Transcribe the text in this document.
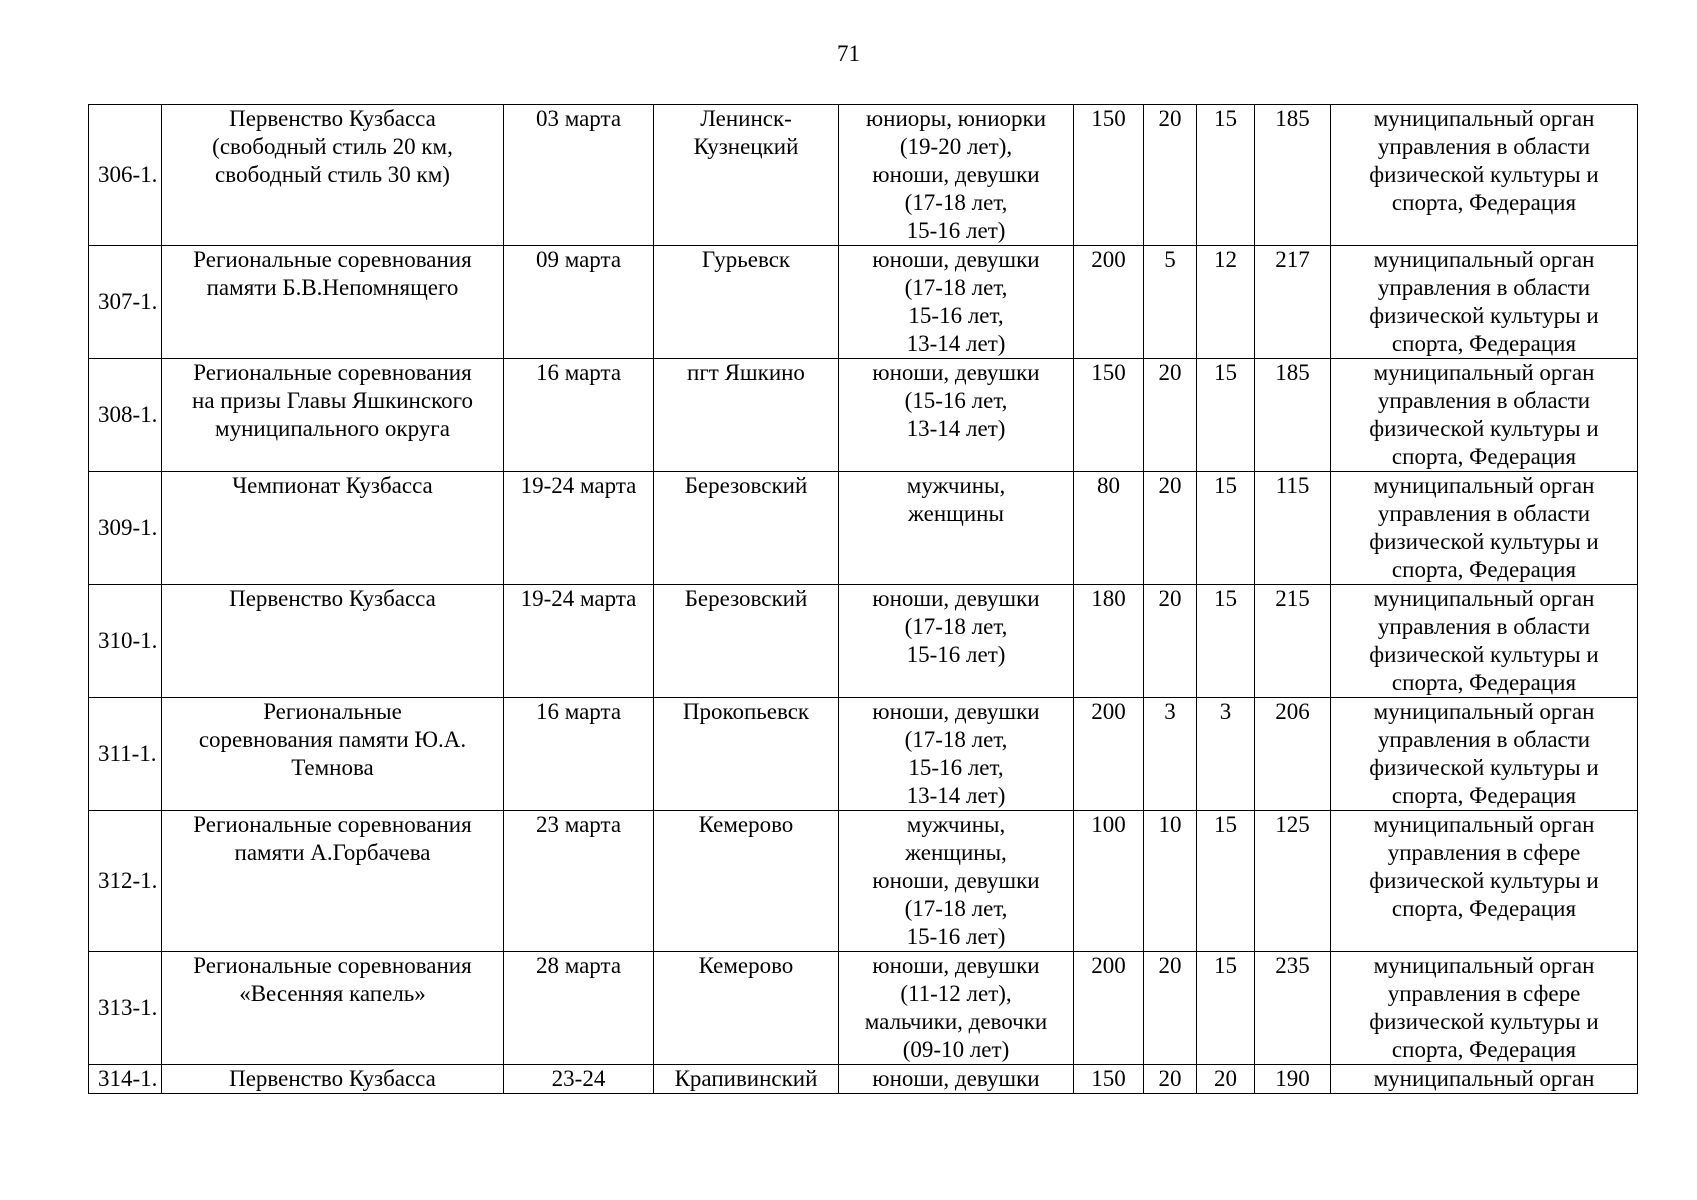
71
306-1.	Первенство Кузбасса
(свободный стиль 20 км,
свободный стиль 30 км)	03 марта	Ленинск-
Кузнецкий	юниоры, юниорки
(19-20 лет),
юноши, девушки
(17-18 лет,
15-16 лет)	150	20	15	185	муниципальный орган
управления в области
физической культуры и
спорта, Федерация

307-1.	Региональные соревнования
памяти Б.В.Непомнящего	09 марта	Гурьевск	юноши, девушки
(17-18 лет,
15-16 лет,
13-14 лет)	200	5	12	217	муниципальный орган
управления в области
физической культуры и
спорта, Федерация

308-1.	Региональные соревнования
на призы Главы Яшкинского
муниципального округа	16 марта	пгт Яшкино	юноши, девушки
(15-16 лет,
13-14 лет)	150	20	15	185	муниципальный орган
управления в области
физической культуры и
спорта, Федерация

309-1.	Чемпионат Кузбасса	19-24 марта	Березовский	мужчины,
женщины	80	20	15	115	муниципальный орган
управления в области
физической культуры и
спорта, Федерация

310-1.	Первенство Кузбасса	19-24 марта	Березовский	юноши, девушки
(17-18 лет,
15-16 лет)	180	20	15	215	муниципальный орган
управления в области
физической культуры и
спорта, Федерация

311-1.	Региональные
соревнования памяти Ю.А.
Темнова	16 марта	Прокопьевск	юноши, девушки
(17-18 лет,
15-16 лет,
13-14 лет)	200	3	3	206	муниципальный орган
управления в области
физической культуры и
спорта, Федерация

312-1.	Региональные соревнования
памяти А.Горбачева	23 марта	Кемерово	мужчины,
женщины,
юноши, девушки
(17-18 лет,
15-16 лет)	100	10	15	125	муниципальный орган
управления в сфере
физической культуры и
спорта, Федерация

313-1.	Региональные соревнования
«Весенняя капель»	28 марта	Кемерово	юноши, девушки
(11-12 лет),
мальчики, девочки
(09-10 лет)	200	20	15	235	муниципальный орган
управления в сфере
физической культуры и
спорта, Федерация

314-1.	Первенство Кузбасса	23-24	Крапивинский	юноши, девушки	150	20	20	190	муниципальный орган
